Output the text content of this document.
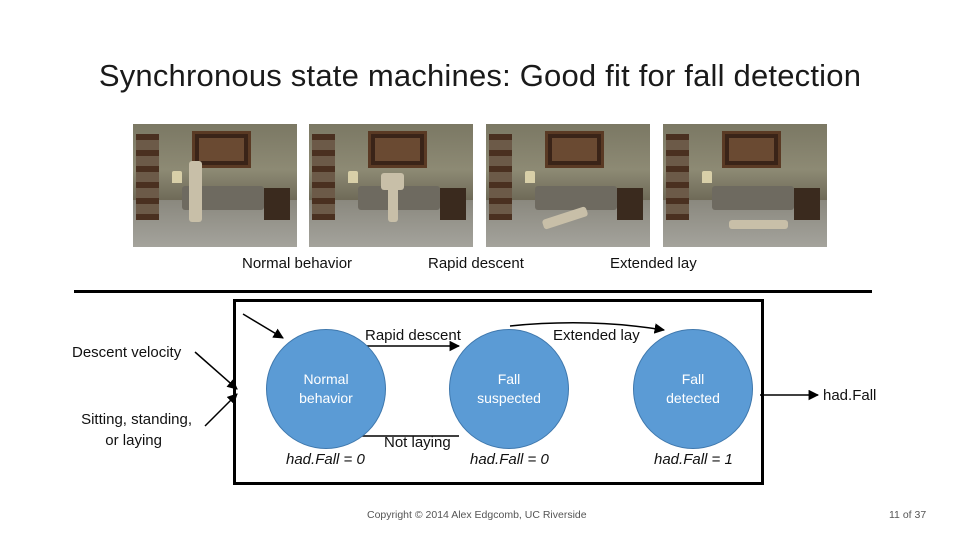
Synchronous state machines: Good fit for fall detection
Normal behavior	Rapid descent	Extended lay
Descent velocity
Sitting, standing,
or laying
Normal
behavior
Fall
suspected
Fall
detected
Rapid descent	Extended lay
Not laying
had.Fall = 0	had.Fall = 0	had.Fall = 1
had.Fall
Copyright © 2014 Alex Edgcomb, UC Riverside	11 of 37
